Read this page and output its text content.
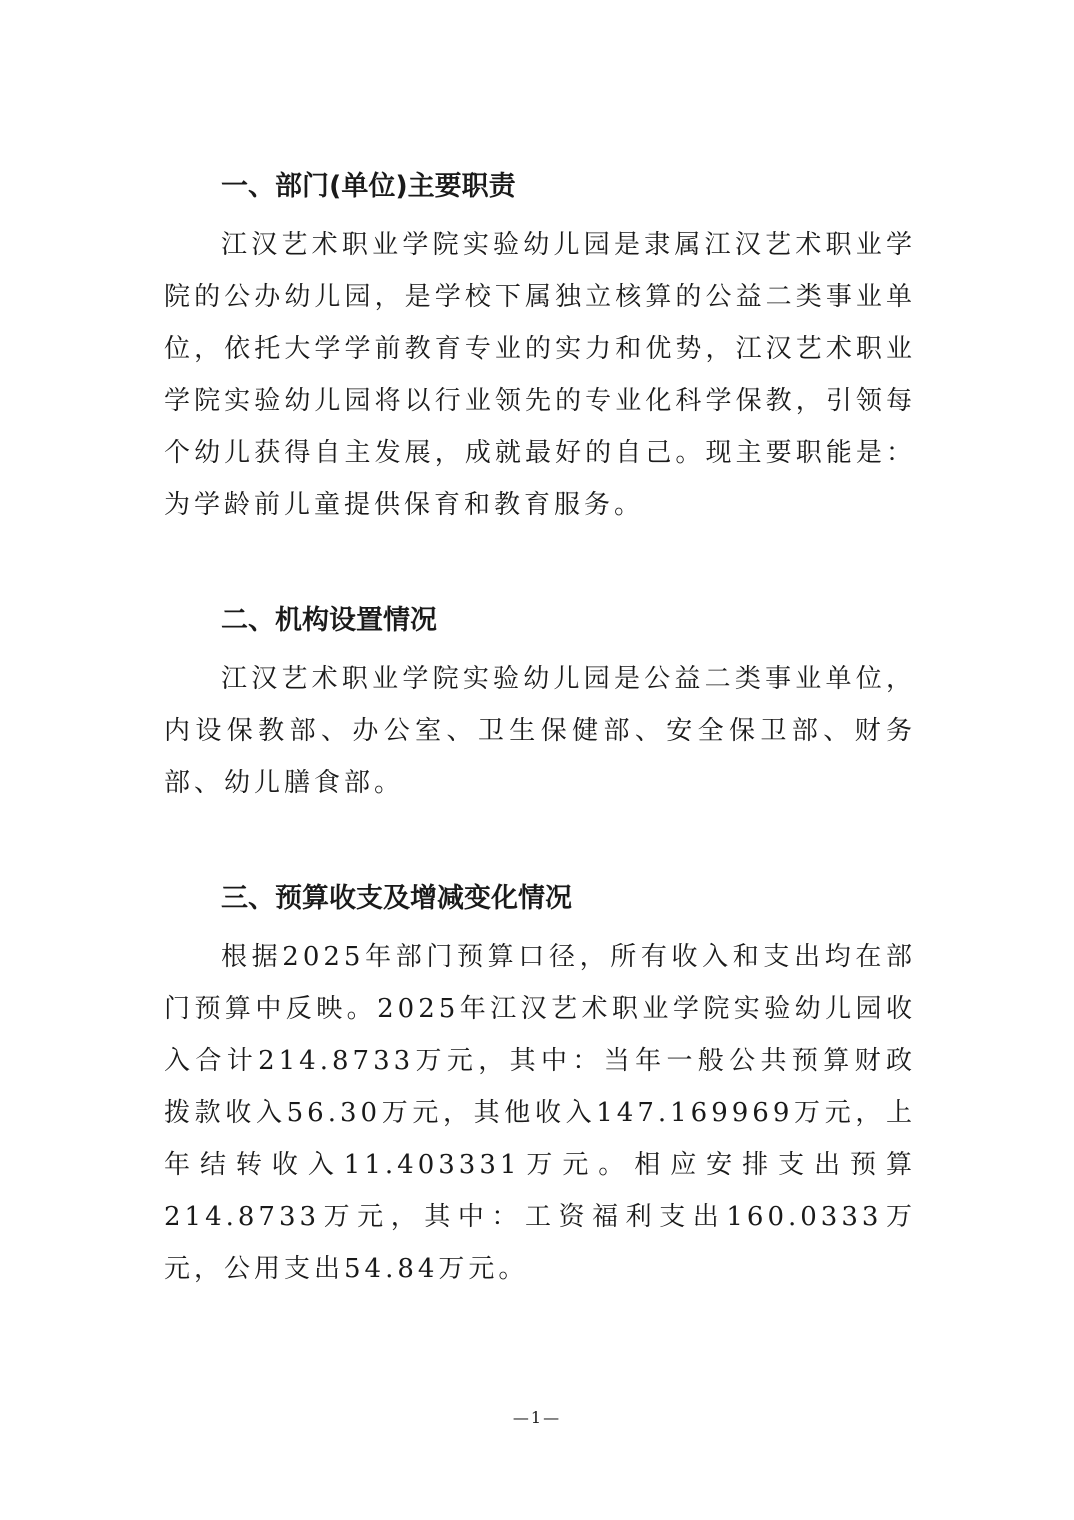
一、部门(单位)主要职责

江汉艺术职业学院实验幼儿园是隶属江汉艺术职业学院的公办幼儿园，是学校下属独立核算的公益二类事业单位，依托大学学前教育专业的实力和优势，江汉艺术职业学院实验幼儿园将以行业领先的专业化科学保教，引领每个幼儿获得自主发展，成就最好的自己。现主要职能是：为学龄前儿童提供保育和教育服务。

二、机构设置情况

江汉艺术职业学院实验幼儿园是公益二类事业单位，内设保教部、办公室、卫生保健部、安全保卫部、财务部、幼儿膳食部。

三、预算收支及增减变化情况

根据2025年部门预算口径，所有收入和支出均在部门预算中反映。2025年江汉艺术职业学院实验幼儿园收入合计214.8733万元，其中：当年一般公共预算财政拨款收入56.30万元，其他收入147.169969万元，上年结转收入11.403331万元。相应安排支出预算214.8733万元，其中：工资福利支出160.0333万元，公用支出54.84万元。

—1—
